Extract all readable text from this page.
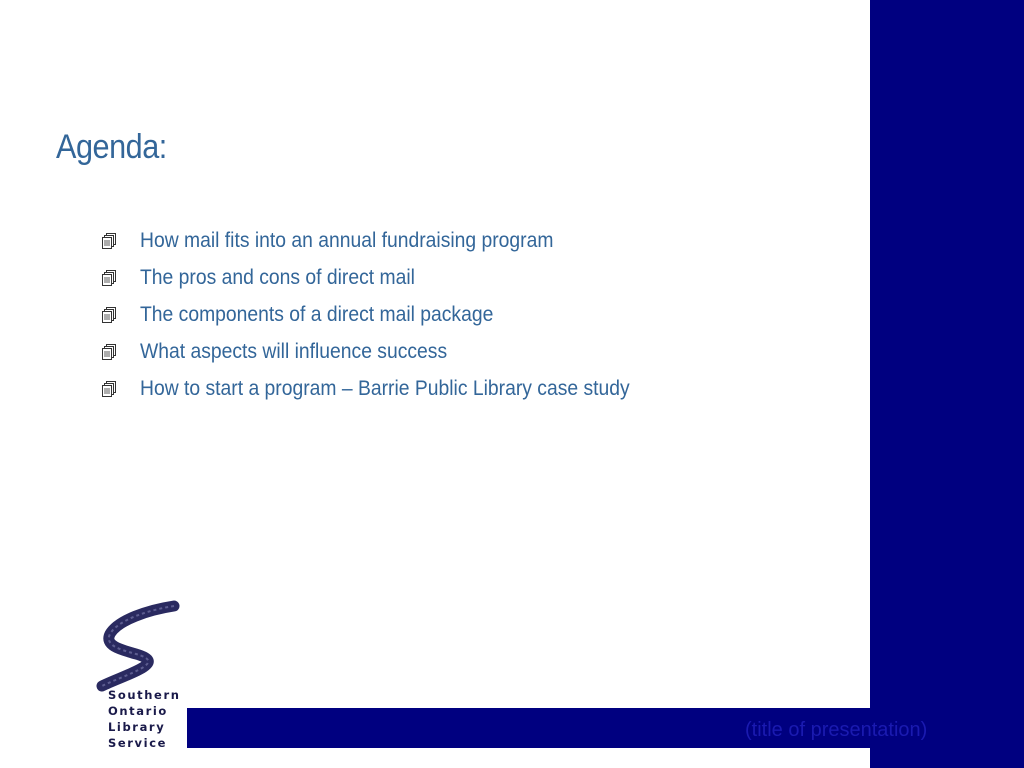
(title of presentation)
Agenda:
How mail fits into an annual fundraising program
The pros and cons of direct mail
The components of a direct mail package
What aspects will influence success
How to start a program – Barrie Public Library case study
Southern
Ontario
Library
Service
